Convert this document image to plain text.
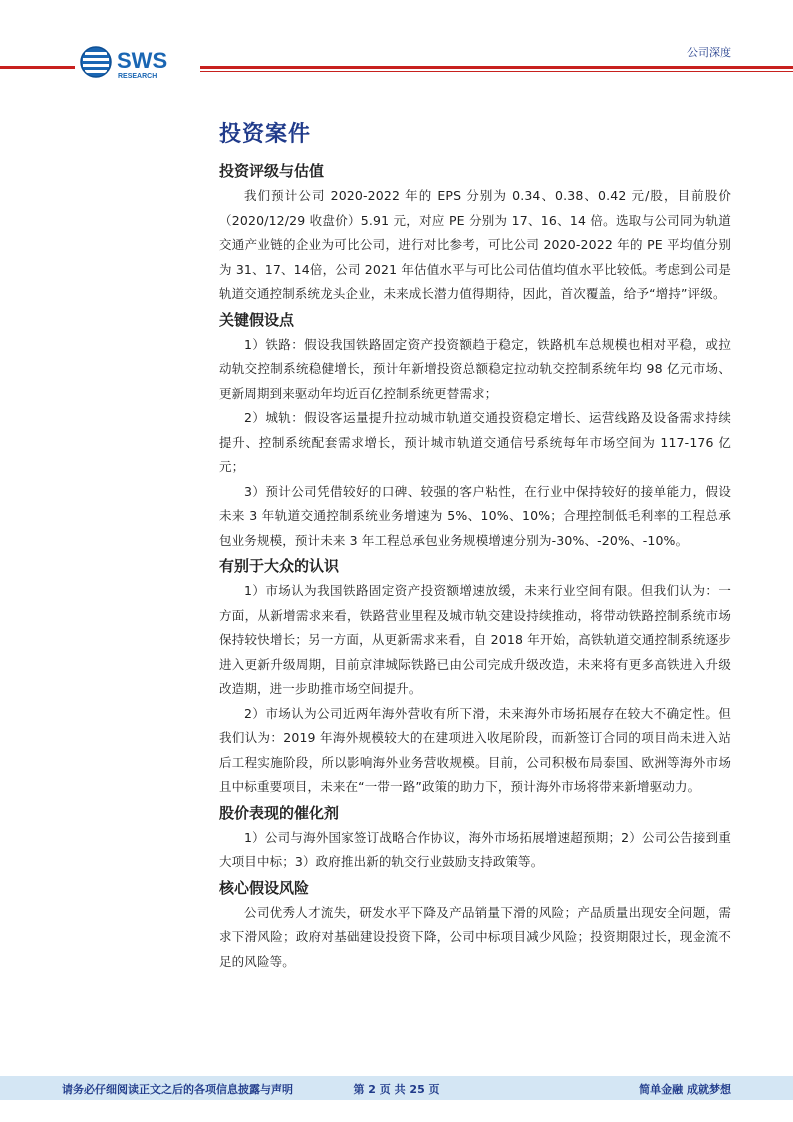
SWS
RESEARCH
公司深度
投资案件
投资评级与估值

我们预计公司 2020-2022 年的 EPS 分别为 0.34、0.38、0.42 元/股，目前股价（2020/12/29 收盘价）5.91 元，对应 PE 分别为 17、16、14 倍。选取与公司同为轨道交通产业链的企业为可比公司，进行对比参考，可比公司 2020-2022 年的 PE 平均值分别为 31、17、14倍，公司 2021 年估值水平与可比公司估值均值水平比较低。考虑到公司是轨道交通控制系统龙头企业，未来成长潜力值得期待，因此，首次覆盖，给予“增持”评级。

关键假设点

1）铁路：假设我国铁路固定资产投资额趋于稳定，铁路机车总规模也相对平稳，或拉动轨交控制系统稳健增长，预计年新增投资总额稳定拉动轨交控制系统年均 98 亿元市场、更新周期到来驱动年均近百亿控制系统更替需求；

2）城轨：假设客运量提升拉动城市轨道交通投资稳定增长、运营线路及设备需求持续提升、控制系统配套需求增长，预计城市轨道交通信号系统每年市场空间为 117-176 亿元；

3）预计公司凭借较好的口碑、较强的客户粘性，在行业中保持较好的接单能力，假设未来 3 年轨道交通控制系统业务增速为 5%、10%、10%；合理控制低毛利率的工程总承包业务规模，预计未来 3 年工程总承包业务规模增速分别为-30%、-20%、-10%。

有别于大众的认识

1）市场认为我国铁路固定资产投资额增速放缓，未来行业空间有限。但我们认为：一方面，从新增需求来看，铁路营业里程及城市轨交建设持续推动，将带动铁路控制系统市场保持较快增长；另一方面，从更新需求来看，自 2018 年开始，高铁轨道交通控制系统逐步进入更新升级周期，目前京津城际铁路已由公司完成升级改造，未来将有更多高铁进入升级改造期，进一步助推市场空间提升。

2）市场认为公司近两年海外营收有所下滑，未来海外市场拓展存在较大不确定性。但我们认为：2019 年海外规模较大的在建项进入收尾阶段，而新签订合同的项目尚未进入站后工程实施阶段，所以影响海外业务营收规模。目前，公司积极布局泰国、欧洲等海外市场且中标重要项目，未来在“一带一路”政策的助力下，预计海外市场将带来新增驱动力。

股价表现的催化剂

1）公司与海外国家签订战略合作协议，海外市场拓展增速超预期；2）公司公告接到重大项目中标；3）政府推出新的轨交行业鼓励支持政策等。

核心假设风险

公司优秀人才流失，研发水平下降及产品销量下滑的风险；产品质量出现安全问题，需求下滑风险；政府对基础建设投资下降，公司中标项目减少风险；投资期限过长，现金流不足的风险等。

请务必仔细阅读正文之后的各项信息披露与声明	第 2 页 共 25 页	简单金融 成就梦想
